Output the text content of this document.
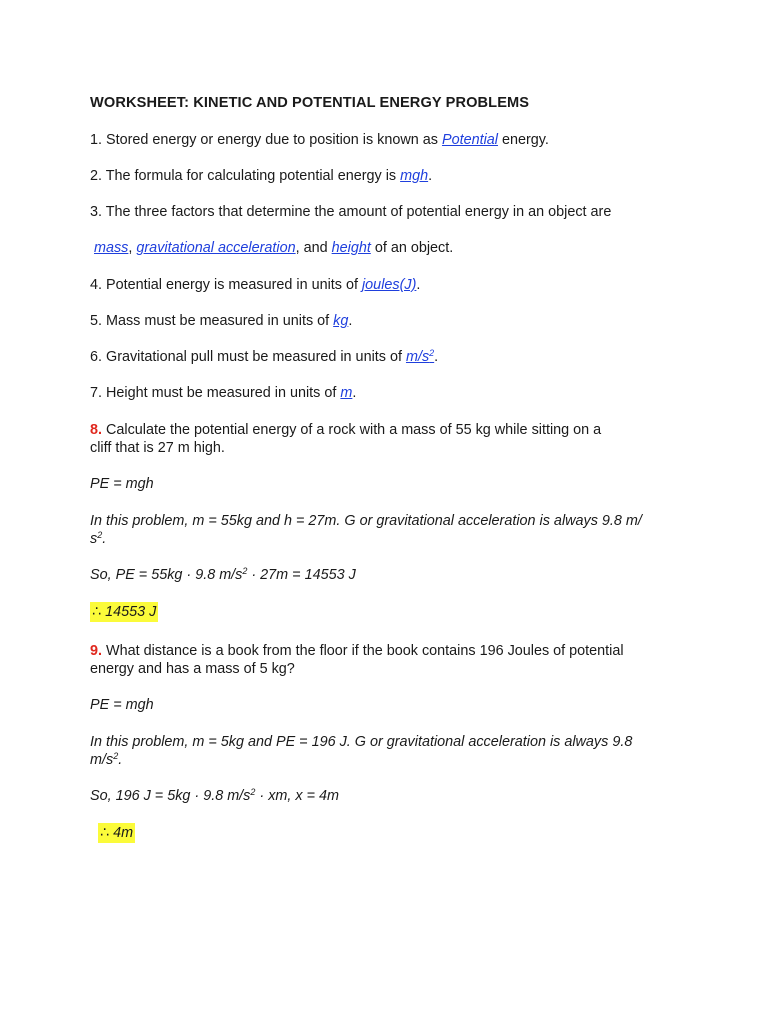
WORKSHEET: KINETIC AND POTENTIAL ENERGY PROBLEMS
1. Stored energy or energy due to position is known as Potential energy.
2. The formula for calculating potential energy is mgh.
3. The three factors that determine the amount of potential energy in an object are
mass, gravitational acceleration, and height of an object.
4. Potential energy is measured in units of joules(J).
5. Mass must be measured in units of kg.
6. Gravitational pull must be measured in units of $m/s^2$.
7. Height must be measured in units of m.
8. Calculate the potential energy of a rock with a mass of 55 kg while sitting on a
cliff that is 27 m high.
PE = mgh
In this problem, m = 55kg and h = 27m. G or gravitational acceleration is always 9.8 m/
$s^2$.
So, PE = 55kg · 9.8 $m/s^2 \cdot 27m = 14553$ J
∴ 14553 J
9. What distance is a book from the floor if the book contains 196 Joules of potential
energy and has a mass of 5 kg?
PE = mgh
In this problem, m = 5kg and PE = 196 J. G or gravitational acceleration is always 9.8
$m/s^2$.
So, 196 J = 5kg · 9.8 $m/s^2$ · xm, x = 4m
∴ 4m
